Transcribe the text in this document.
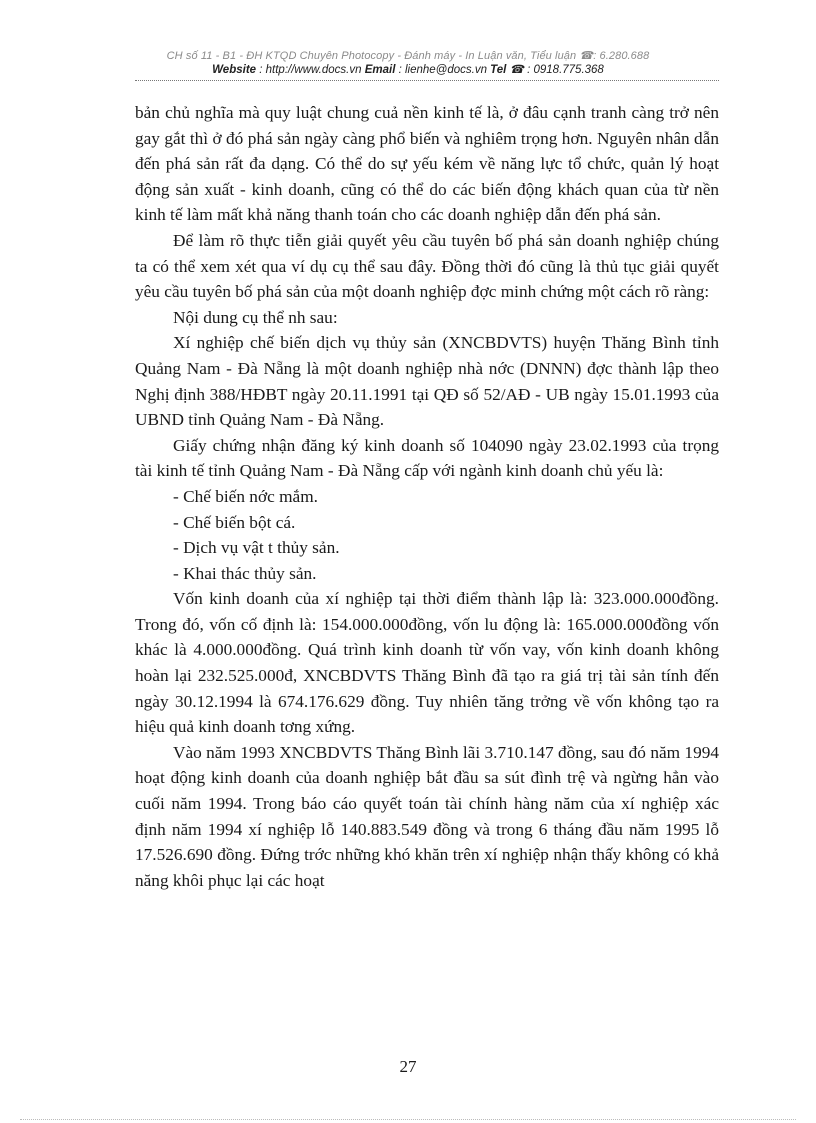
CH số 11 - B1 - ĐH KTQD Chuyên Photocopy - Đánh máy - In Luận văn, Tiểu luận ☎: 6.280.688
Website : http://www.docs.vn Email : lienhe@docs.vn Tel ☎ : 0918.775.368

bản chủ nghĩa mà quy luật chung cuả nền kinh tế là, ở đâu cạnh tranh càng trở nên gay gắt thì ở đó phá sản ngày càng phổ biến và nghiêm trọng hơn. Nguyên nhân dẫn đến phá sản rất đa dạng. Có thể do sự yếu kém về năng lực tổ chức, quản lý hoạt động sản xuất - kinh doanh, cũng có thể do các biến động khách quan của từ nền kinh tế làm mất khả năng thanh toán cho các doanh nghiệp dẫn đến phá sản.

Để làm rõ thực tiễn giải quyết yêu cầu tuyên bố phá sản doanh nghiệp chúng ta có thể xem xét qua ví dụ cụ thể sau đây. Đồng thời đó cũng là thủ tục giải quyết yêu cầu tuyên bố phá sản của một doanh nghiệp đợc minh chứng một cách rõ ràng:

Nội dung cụ thể nh sau:

Xí nghiệp chế biến dịch vụ thủy sản (XNCBDVTS) huyện Thăng Bình tỉnh Quảng Nam - Đà Nẵng là một doanh nghiệp nhà nớc (DNNN) đợc thành lập theo Nghị định 388/HĐBT ngày 20.11.1991 tại QĐ số 52/AĐ - UB ngày 15.01.1993 của UBND tỉnh Quảng Nam - Đà Nẵng.

Giấy chứng nhận đăng ký kinh doanh số 104090 ngày 23.02.1993 của trọng tài kinh tế tỉnh Quảng Nam - Đà Nẵng cấp với ngành kinh doanh chủ yếu là:

- Chế biến nớc mắm.

- Chế biến bột cá.

- Dịch vụ vật t thủy sản.

- Khai thác thủy sản.

Vốn kinh doanh của xí nghiệp tại thời điểm thành lập là: 323.000.000đồng. Trong đó, vốn cố định là: 154.000.000đồng, vốn lu động là: 165.000.000đồng vốn khác là 4.000.000đồng. Quá trình kinh doanh từ vốn vay, vốn kinh doanh không hoàn lại 232.525.000đ, XNCBDVTS Thăng Bình đã tạo ra giá trị tài sản tính đến ngày 30.12.1994 là 674.176.629 đồng. Tuy nhiên tăng trởng về vốn không tạo ra hiệu quả kinh doanh tơng xứng.

Vào năm 1993 XNCBDVTS Thăng Bình lãi 3.710.147 đồng, sau đó năm 1994 hoạt động kinh doanh của doanh nghiệp bắt đầu sa sút đình trệ và ngừng hẳn vào cuối năm 1994. Trong báo cáo quyết toán tài chính hàng năm của xí nghiệp xác định năm 1994 xí nghiệp lỗ 140.883.549 đồng và trong 6 tháng đầu năm 1995 lỗ 17.526.690 đồng. Đứng trớc những khó khăn trên xí nghiệp nhận thấy không có khả năng khôi phục lại các hoạt

27
